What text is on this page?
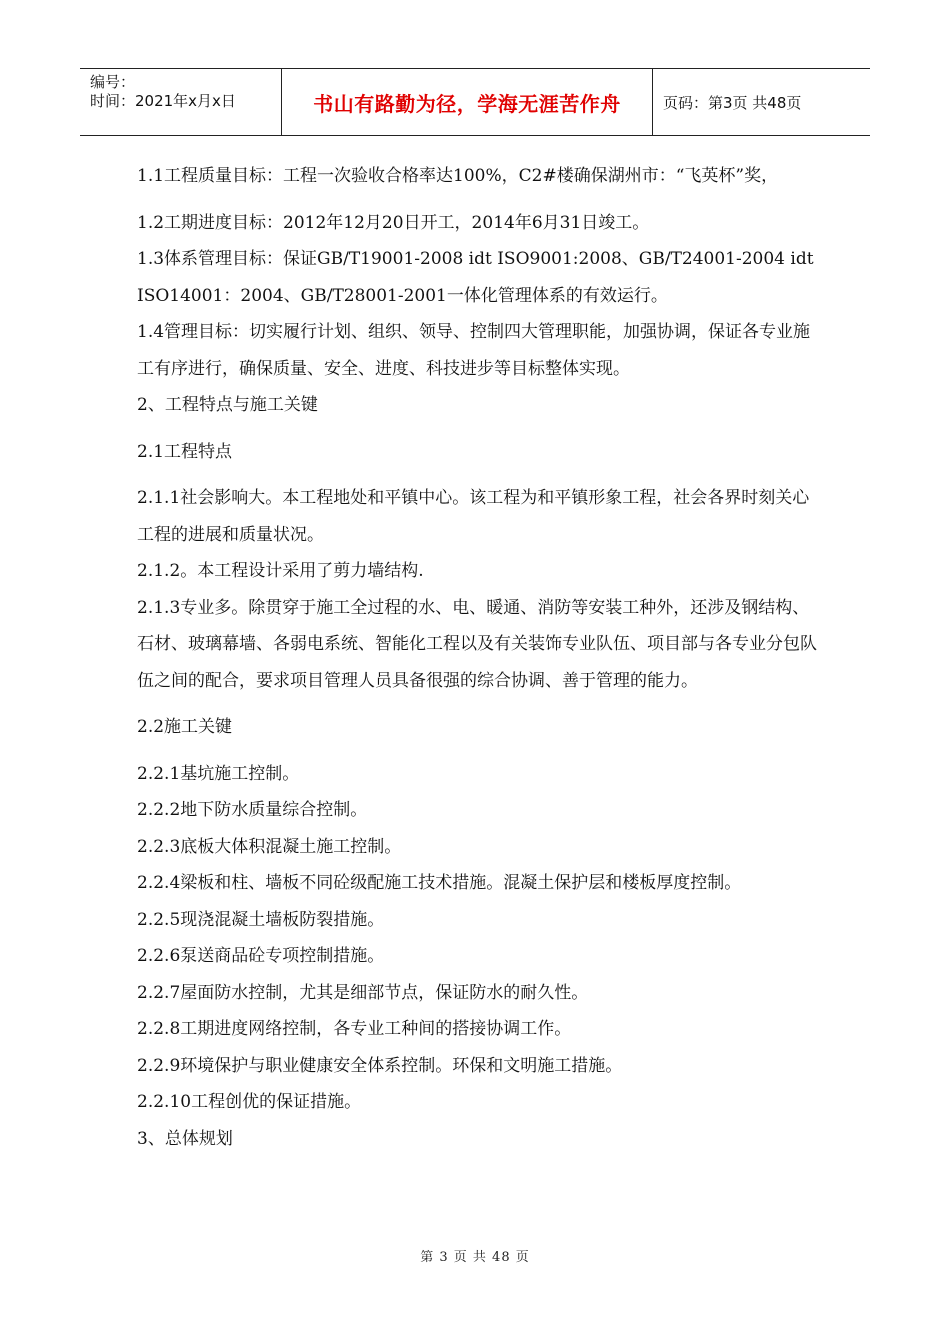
编号：
时间：2021年x月x日	书山有路勤为径，学海无涯苦作舟	页码：第3页 共48页

1.1工程质量目标：工程一次验收合格率达100%，C2#楼确保湖州市：“飞英杯”奖，

1.2工期进度目标：2012年12月20日开工，2014年6月31日竣工。

1.3体系管理目标：保证GB/T19001-2008 idt ISO9001:2008、GB/T24001-2004 idt ISO14001：2004、GB/T28001-2001一体化管理体系的有效运行。

1.4管理目标：切实履行计划、组织、领导、控制四大管理职能，加强协调，保证各专业施工有序进行，确保质量、安全、进度、科技进步等目标整体实现。

2、工程特点与施工关键

2.1工程特点

2.1.1社会影响大。本工程地处和平镇中心。该工程为和平镇形象工程，社会各界时刻关心工程的进展和质量状况。

2.1.2。本工程设计采用了剪力墙结构.

2.1.3专业多。除贯穿于施工全过程的水、电、暖通、消防等安装工种外，还涉及钢结构、石材、玻璃幕墙、各弱电系统、智能化工程以及有关装饰专业队伍、项目部与各专业分包队伍之间的配合，要求项目管理人员具备很强的综合协调、善于管理的能力。

2.2施工关键

2.2.1基坑施工控制。

2.2.2地下防水质量综合控制。

2.2.3底板大体积混凝土施工控制。

2.2.4梁板和柱、墙板不同砼级配施工技术措施。混凝土保护层和楼板厚度控制。

2.2.5现浇混凝土墙板防裂措施。

2.2.6泵送商品砼专项控制措施。

2.2.7屋面防水控制，尤其是细部节点，保证防水的耐久性。

2.2.8工期进度网络控制，各专业工种间的搭接协调工作。

2.2.9环境保护与职业健康安全体系控制。环保和文明施工措施。

2.2.10工程创优的保证措施。

3、总体规划

第 3 页 共 48 页
